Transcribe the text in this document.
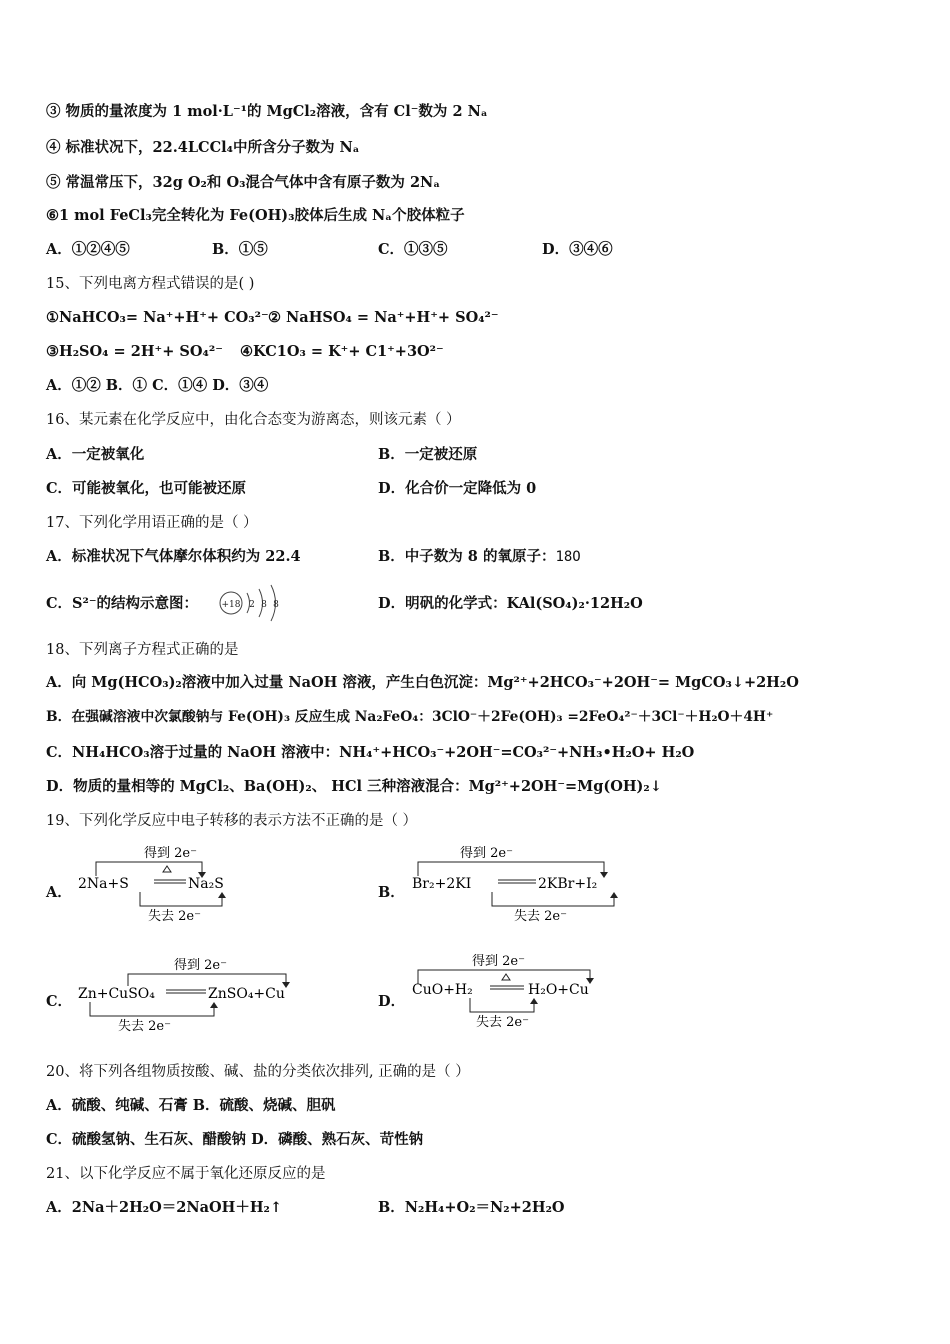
③ 物质的量浓度为 1 mol·L⁻¹的 MgCl₂溶液，含有 Cl⁻数为 2 Nₐ
④ 标准状况下，22.4LCCl₄中所含分子数为 Nₐ
⑤ 常温常压下，32g O₂和 O₃混合气体中含有原子数为 2Nₐ
⑥1 mol FeCl₃完全转化为 Fe(OH)₃胶体后生成 Nₐ个胶体粒子
A．①②④⑤	B．①⑤	C．①③⑤	D．③④⑥
15、下列电离方程式错误的是( )
①NaHCO₃= Na⁺+H⁺+ CO₃²⁻ ② NaHSO₄ = Na⁺+H⁺+ SO₄²⁻
③H₂SO₄ = 2H⁺+ SO₄²⁻ ④KC1O₃ = K⁺+ C1⁺+3O²⁻
A．①② B．① C．①④ D．③④
16、某元素在化学反应中，由化合态变为游离态，则该元素（ ）
A．一定被氧化	B．一定被还原
C．可能被氧化，也可能被还原	D．化合价一定降低为 0
17、下列化学用语正确的是（ ）
A．标准状况下气体摩尔体积约为 22.4	B．中子数为 8 的氧原子：18O
C．S²⁻的结构示意图：	+18 2 8 8	D．明矾的化学式：KAl(SO₄)₂·12H₂O
18、下列离子方程式正确的是
A．向 Mg(HCO₃)₂溶液中加入过量 NaOH 溶液，产生白色沉淀：Mg²⁺+2HCO₃⁻+2OH⁻= MgCO₃↓+2H₂O
B．在强碱溶液中次氯酸钠与 Fe(OH)₃ 反应生成 Na₂FeO₄：3ClO⁻＋2Fe(OH)₃ =2FeO₄²⁻＋3Cl⁻＋H₂O＋4H⁺
C．NH₄HCO₃溶于过量的 NaOH 溶液中：NH₄⁺+HCO₃⁻+2OH⁻=CO₃²⁻+NH₃•H₂O+ H₂O
D．物质的量相等的 MgCl₂、Ba(OH)₂、 HCl 三种溶液混合：Mg²⁺+2OH⁻=Mg(OH)₂↓
19、下列化学反应中电子转移的表示方法不正确的是（ ）
A．
得到 2e⁻
2Na+S	Na₂S
失去 2e⁻
B．
得到 2e⁻
Br₂+2KI	2KBr+I₂
失去 2e⁻
C．
得到 2e⁻
Zn+CuSO₄	ZnSO₄+Cu
失去 2e⁻
D．
得到 2e⁻
CuO+H₂	H₂O+Cu
失去 2e⁻
20、将下列各组物质按酸、碱、盐的分类依次排列, 正确的是（ ）
A．硫酸、纯碱、石膏 B．硫酸、烧碱、胆矾
C．硫酸氢钠、生石灰、醋酸钠 D．磷酸、熟石灰、苛性钠
21、以下化学反应不属于氧化还原反应的是
A．2Na＋2H₂O＝2NaOH＋H₂↑	B．N₂H₄+O₂＝N₂+2H₂O
